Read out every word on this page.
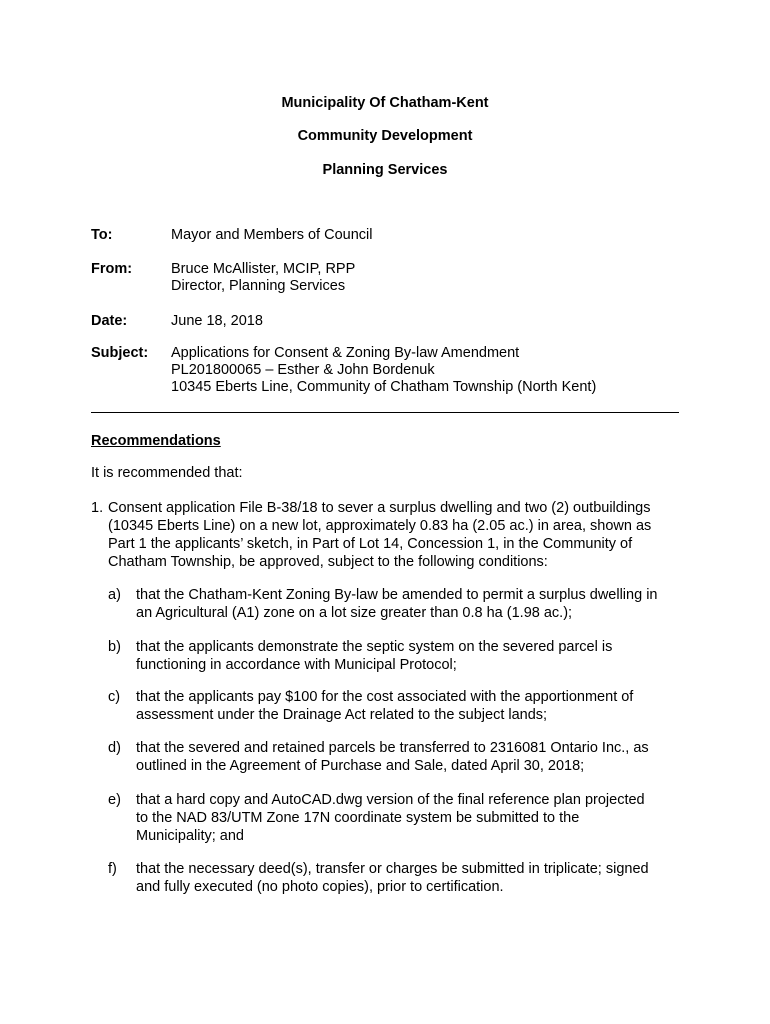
Municipality Of Chatham-Kent
Community Development
Planning Services
To:	Mayor and Members of Council
From:	Bruce McAllister, MCIP, RPP
Director, Planning Services
Date:	June 18, 2018
Subject: Applications for Consent & Zoning By-law Amendment
PL201800065 – Esther & John Bordenuk
10345 Eberts Line, Community of Chatham Township (North Kent)
Recommendations
It is recommended that:
1. Consent application File B-38/18 to sever a surplus dwelling and two (2) outbuildings
(10345 Eberts Line) on a new lot, approximately 0.83 ha (2.05 ac.) in area, shown as
Part 1 the applicants’ sketch, in Part of Lot 14, Concession 1, in the Community of
Chatham Township, be approved, subject to the following conditions:
a) that the Chatham-Kent Zoning By-law be amended to permit a surplus dwelling in
an Agricultural (A1) zone on a lot size greater than 0.8 ha (1.98 ac.);
b) that the applicants demonstrate the septic system on the severed parcel is
functioning in accordance with Municipal Protocol;
c) that the applicants pay $100 for the cost associated with the apportionment of
assessment under the Drainage Act related to the subject lands;
d) that the severed and retained parcels be transferred to 2316081 Ontario Inc., as
outlined in the Agreement of Purchase and Sale, dated April 30, 2018;
e) that a hard copy and AutoCAD.dwg version of the final reference plan projected
to the NAD 83/UTM Zone 17N coordinate system be submitted to the
Municipality; and
f) that the necessary deed(s), transfer or charges be submitted in triplicate; signed
and fully executed (no photo copies), prior to certification.
